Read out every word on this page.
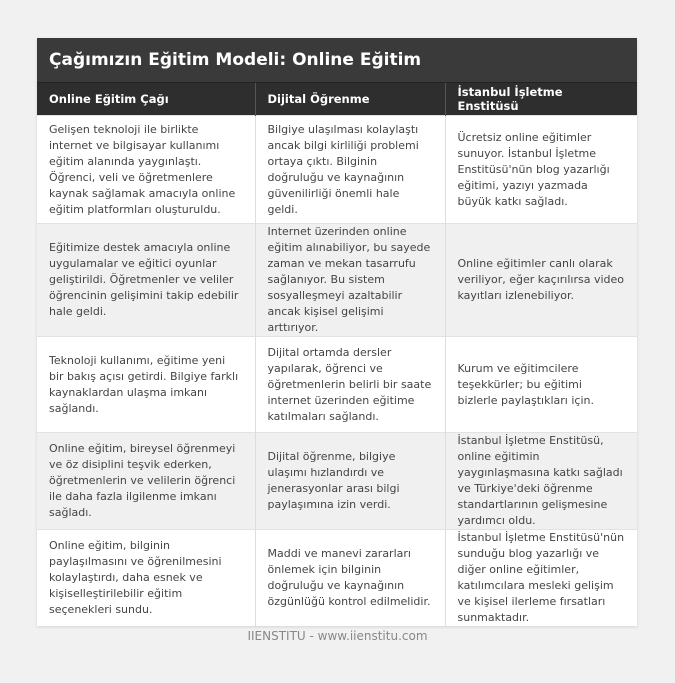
Çağımızın Eğitim Modeli: Online Eğitim
Online Eğitim Çağı	Dijital Öğrenme	İstanbul İşletme Enstitüsü
Gelişen teknoloji ile birlikte internet ve bilgisayar kullanımı eğitim alanında yaygınlaştı. Öğrenci, veli ve öğretmenlere kaynak sağlamak amacıyla online eğitim platformları oluşturuldu.	Bilgiye ulaşılması kolaylaştı ancak bilgi kirliliği problemi ortaya çıktı. Bilginin doğruluğu ve kaynağının güvenilirliği önemli hale geldi.	Ücretsiz online eğitimler sunuyor. İstanbul İşletme Enstitüsü'nün blog yazarlığı eğitimi, yazıyı yazmada büyük katkı sağladı.
Eğitimize destek amacıyla online uygulamalar ve eğitici oyunlar geliştirildi. Öğretmenler ve veliler öğrencinin gelişimini takip edebilir hale geldi.	Internet üzerinden online eğitim alınabiliyor, bu sayede zaman ve mekan tasarrufu sağlanıyor. Bu sistem sosyalleşmeyi azaltabilir ancak kişisel gelişimi arttırıyor.	Online eğitimler canlı olarak veriliyor, eğer kaçırılırsa video kayıtları izlenebiliyor.
Teknoloji kullanımı, eğitime yeni bir bakış açısı getirdi. Bilgiye farklı kaynaklardan ulaşma imkanı sağlandı.	Dijital ortamda dersler yapılarak, öğrenci ve öğretmenlerin belirli bir saate internet üzerinden eğitime katılmaları sağlandı.	Kurum ve eğitimcilere teşekkürler; bu eğitimi bizlerle paylaştıkları için.
Online eğitim, bireysel öğrenmeyi ve öz disiplini teşvik ederken, öğretmenlerin ve velilerin öğrenci ile daha fazla ilgilenme imkanı sağladı.	Dijital öğrenme, bilgiye ulaşımı hızlandırdı ve jenerasyonlar arası bilgi paylaşımına izin verdi.	İstanbul İşletme Enstitüsü, online eğitimin yaygınlaşmasına katkı sağladı ve Türkiye'deki öğrenme standartlarının gelişmesine yardımcı oldu.
Online eğitim, bilginin paylaşılmasını ve öğrenilmesini kolaylaştırdı, daha esnek ve kişiselleştirilebilir eğitim seçenekleri sundu.	Maddi ve manevi zararları önlemek için bilginin doğruluğu ve kaynağının özgünlüğü kontrol edilmelidir.	İstanbul İşletme Enstitüsü'nün sunduğu blog yazarlığı ve diğer online eğitimler, katılımcılara mesleki gelişim ve kişisel ilerleme fırsatları sunmaktadır.
IIENSTITU - www.iienstitu.com
